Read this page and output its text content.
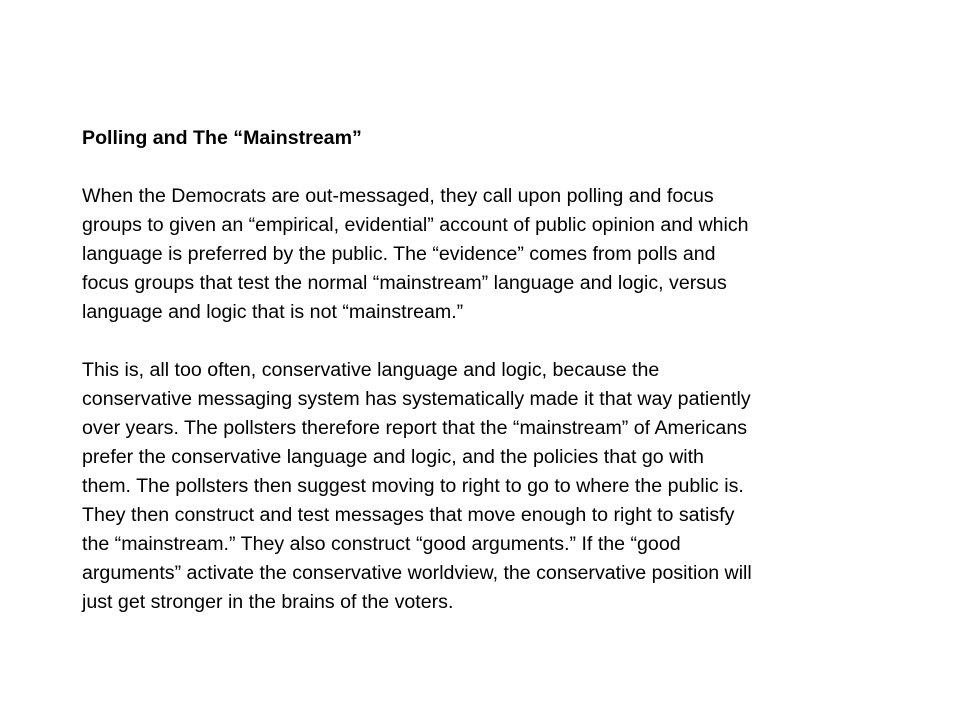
Polling and The “Mainstream”
When the Democrats are out-messaged, they call upon polling and focus
groups to given an “empirical, evidential” account of public opinion and which
language is preferred by the public. The “evidence” comes from polls and
focus groups that test the normal “mainstream” language and logic, versus
language and logic that is not “mainstream.”
This is, all too often, conservative language and logic, because the
conservative messaging system has systematically made it that way patiently
over years. The pollsters therefore report that the “mainstream” of Americans
prefer the conservative language and logic, and the policies that go with
them. The pollsters then suggest moving to right to go to where the public is.
They then construct and test messages that move enough to right to satisfy
the “mainstream.” They also construct “good arguments.” If the “good
arguments” activate the conservative worldview, the conservative position will
just get stronger in the brains of the voters.
